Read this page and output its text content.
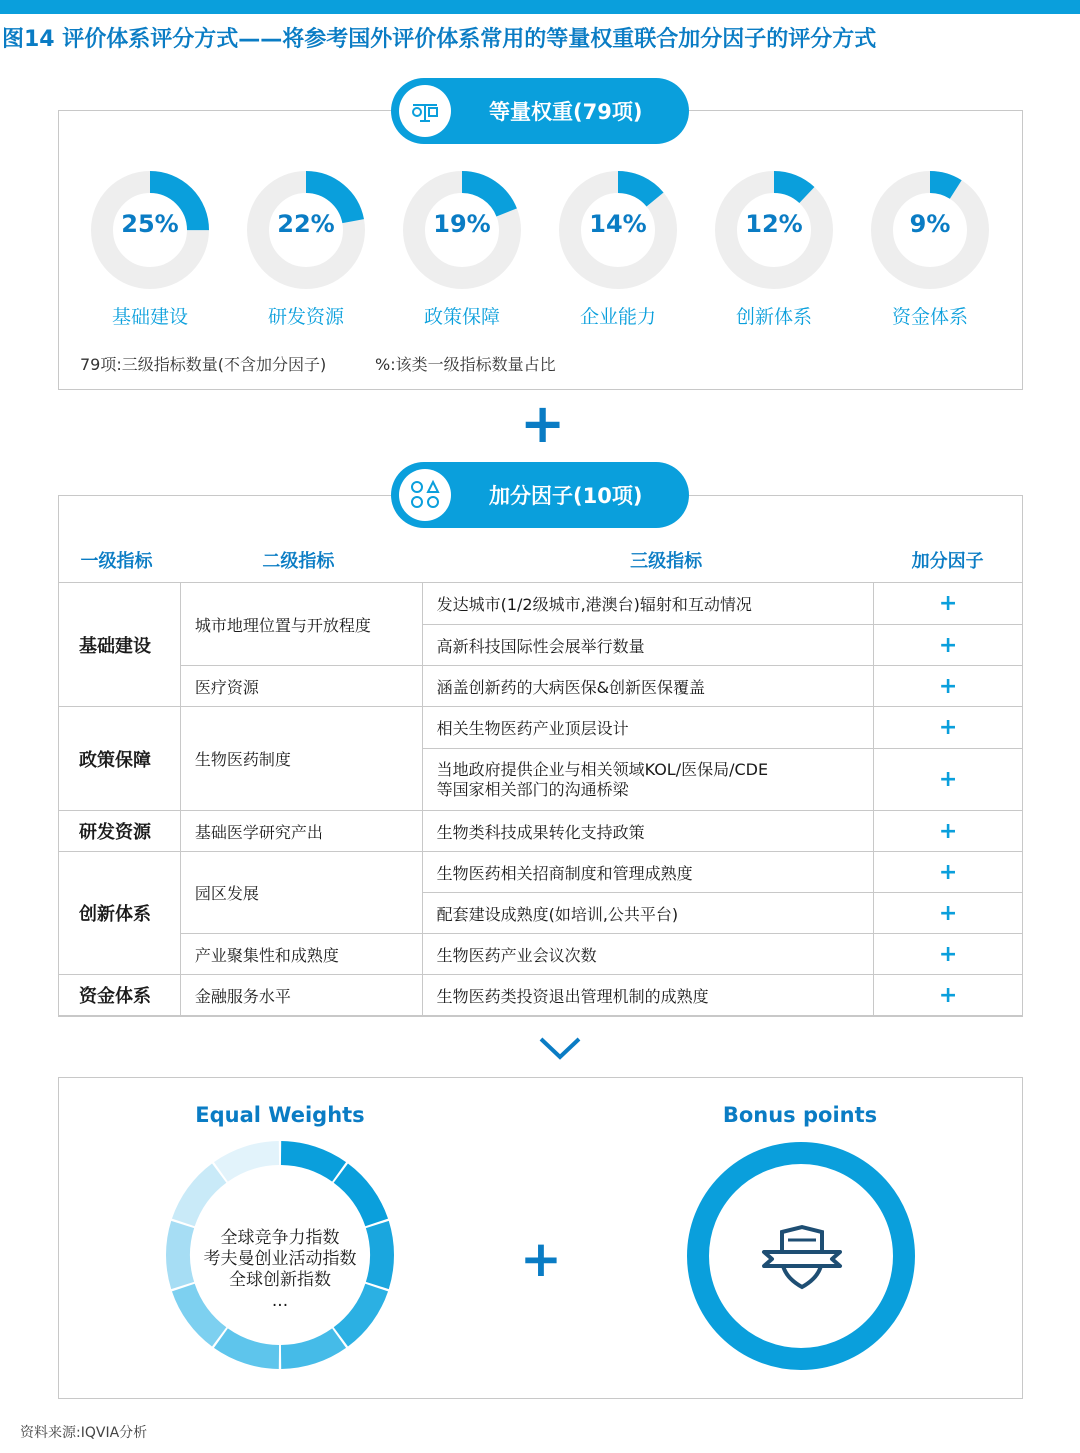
图14 评价体系评分方式——将参考国外评价体系常用的等量权重联合加分因子的评分方式
等量权重(79项)
25%
基础建设
22%
研发资源
19%
政策保障
14%
企业能力
12%
创新体系
9%
资金体系
79项:三级指标数量(不含加分因子)	%:该类一级指标数量占比
+
加分因子(10项)
一级指标	二级指标	三级指标	加分因子
基础建设	城市地理位置与开放程度	发达城市(1/2级城市,港澳台)辐射和互动情况	+
		高新科技国际性会展举行数量	+
	医疗资源	涵盖创新药的大病医保&创新医保覆盖	+
政策保障	生物医药制度	相关生物医药产业顶层设计	+

		当地政府提供企业与相关领域KOL/医保局/CDE
等国家相关部门的沟通桥梁	+
研发资源	基础医学研究产出	生物类科技成果转化支持政策	+
创新体系	园区发展	生物医药相关招商制度和管理成熟度	+
		配套建设成熟度(如培训,公共平台)	+
	产业聚集性和成熟度	生物医药产业会议次数	+
资金体系	金融服务水平	生物医药类投资退出管理机制的成熟度	+
Equal Weights	Bonus points
全球竞争力指数
考夫曼创业活动指数
全球创新指数
...
+
资料来源:IQVIA分析
